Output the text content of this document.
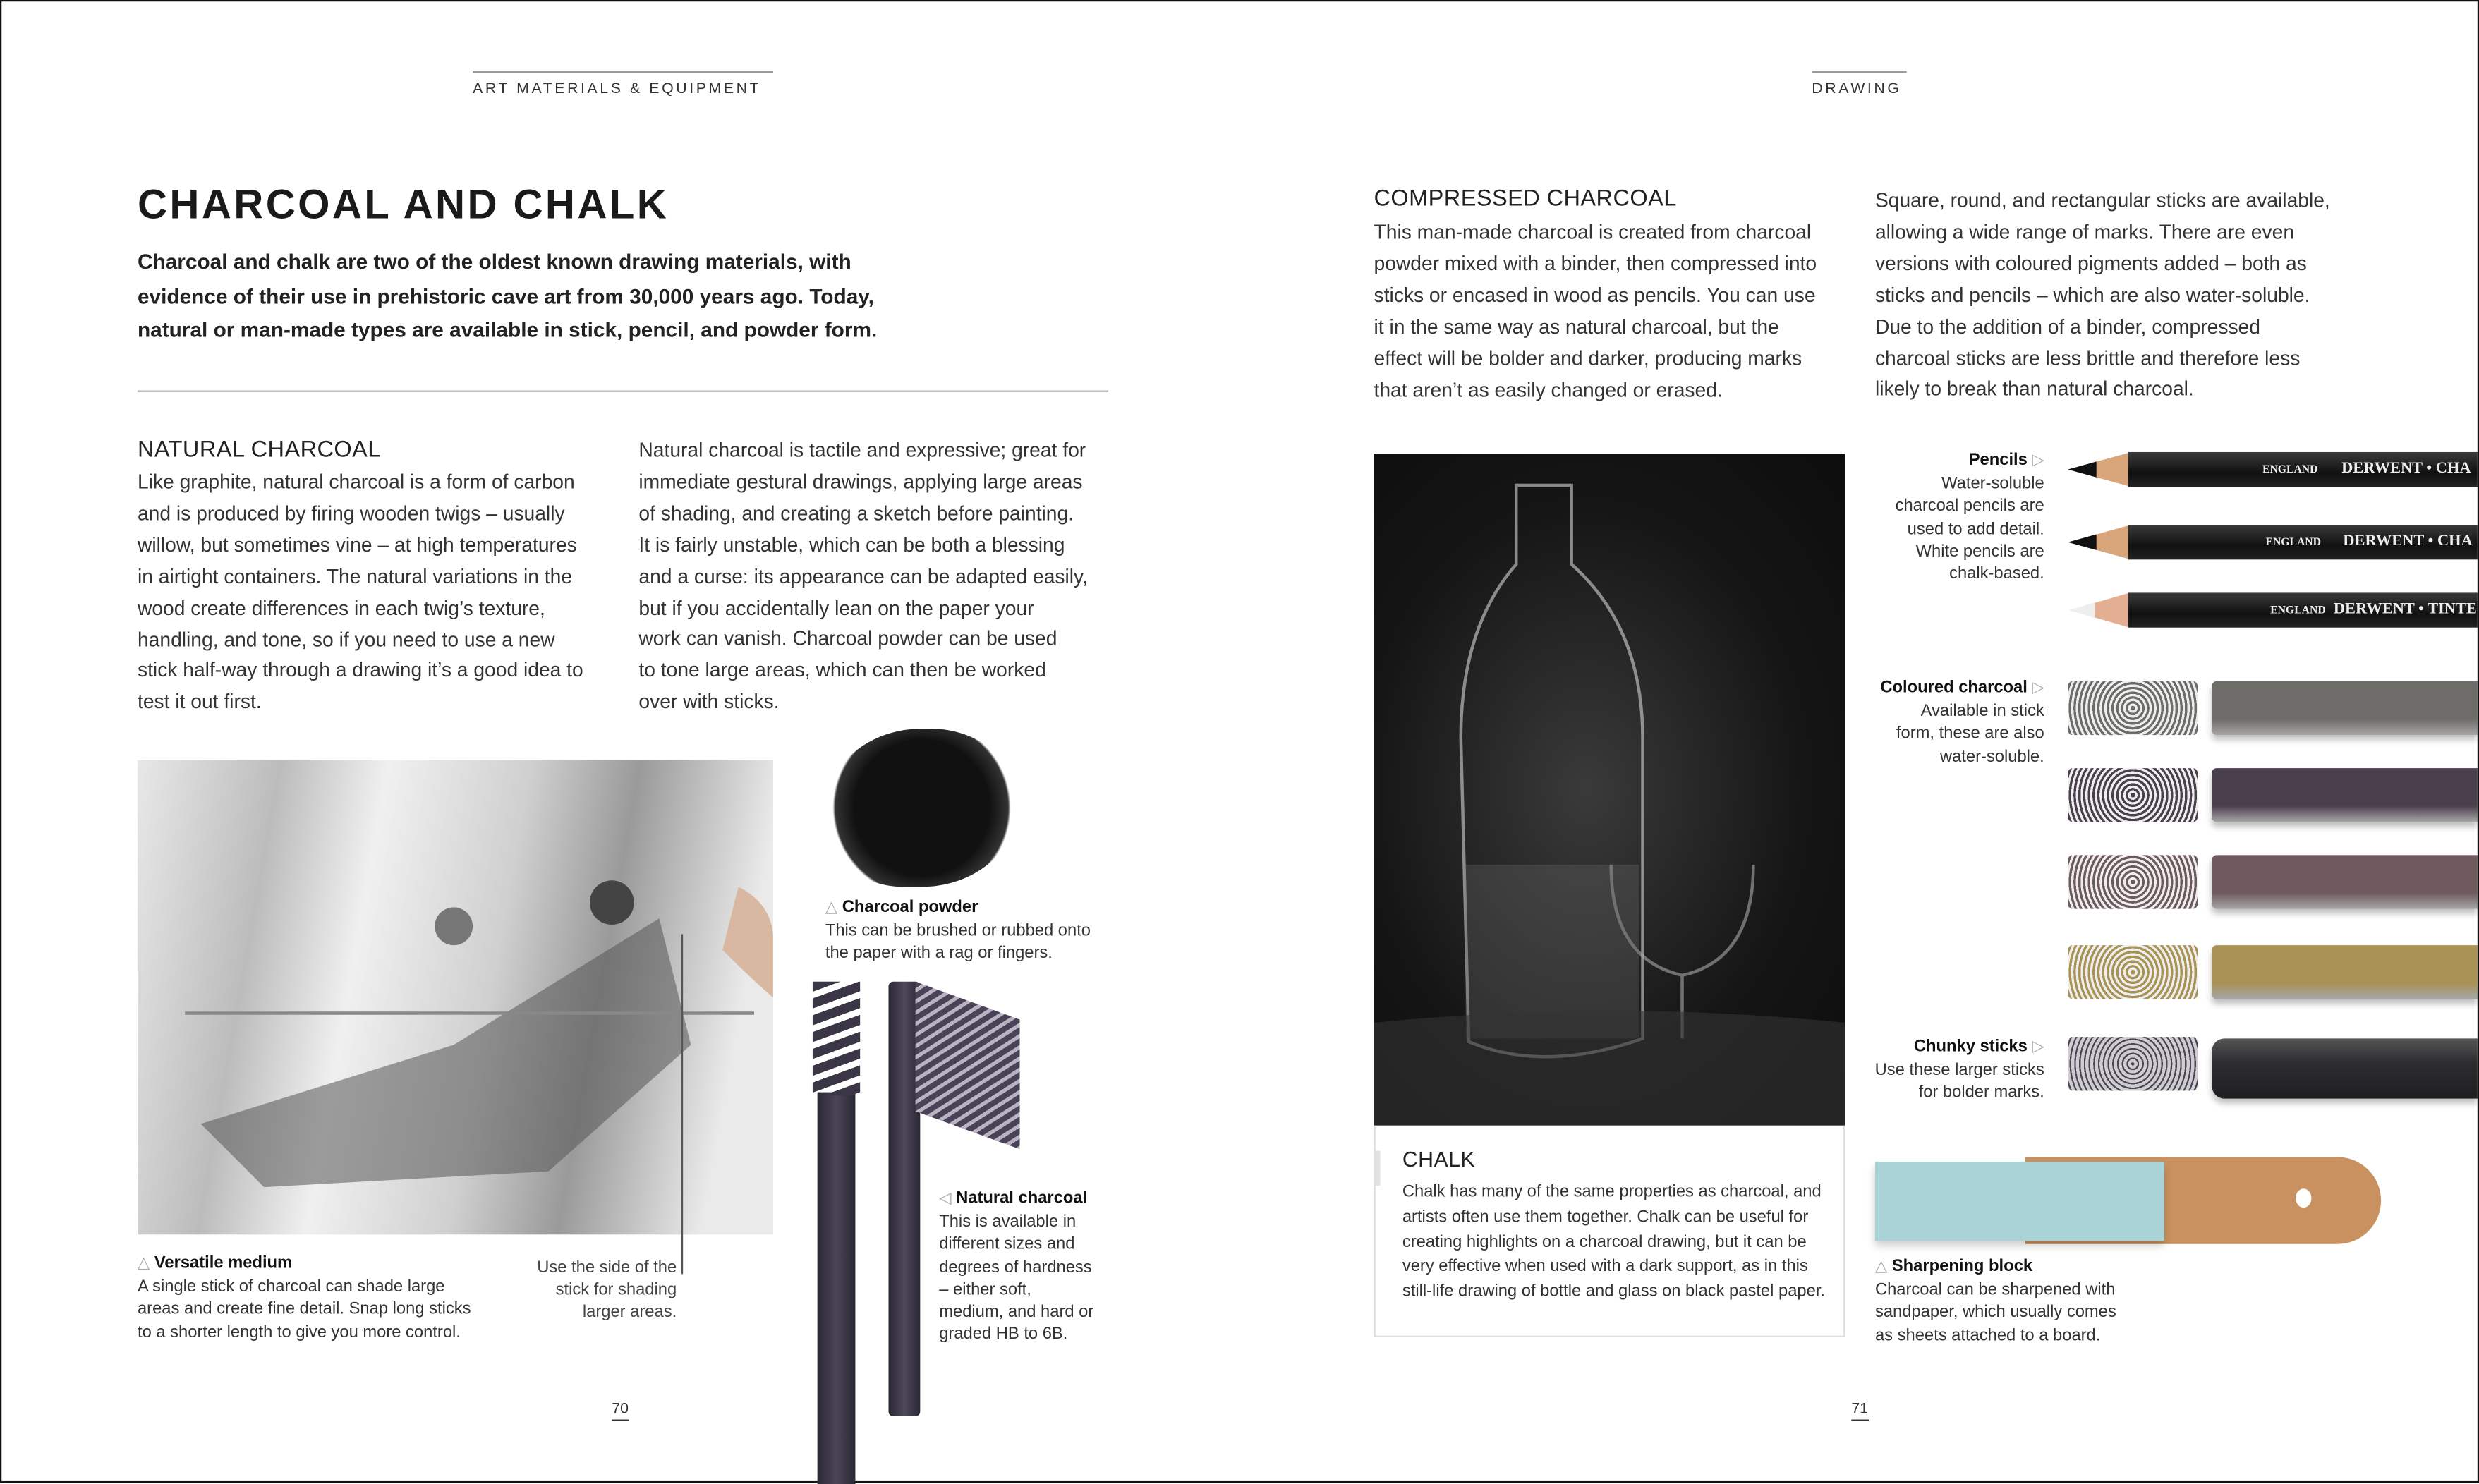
ART MATERIALS & EQUIPMENT
CHARCOAL AND CHALK
Charcoal and chalk are two of the oldest known drawing materials, with
evidence of their use in prehistoric cave art from 30,000 years ago. Today,
natural or man-made types are available in stick, pencil, and powder form.
NATURAL CHARCOAL
Like graphite, natural charcoal is a form of carbon
and is produced by firing wooden twigs – usually
willow, but sometimes vine – at high temperatures
in airtight containers. The natural variations in the
wood create differences in each twig’s texture,
handling, and tone, so if you need to use a new
stick half-way through a drawing it’s a good idea to
test it out first.
Natural charcoal is tactile and expressive; great for
immediate gestural drawings, applying large areas
of shading, and creating a sketch before painting.
It is fairly unstable, which can be both a blessing
and a curse: its appearance can be adapted easily,
but if you accidentally lean on the paper your
work can vanish. Charcoal powder can be used
to tone large areas, which can then be worked
over with sticks.
△ Charcoal powder
This can be brushed or rubbed onto
the paper with a rag or fingers.
◁ Natural charcoal
This is available in
different sizes and
degrees of hardness
– either soft,
medium, and hard or
graded HB to 6B.
△ Versatile medium
A single stick of charcoal can shade large
areas and create fine detail. Snap long sticks
to a shorter length to give you more control.
Use the side of the
stick for shading
larger areas.
70
DRAWING
COMPRESSED CHARCOAL
This man-made charcoal is created from charcoal
powder mixed with a binder, then compressed into
sticks or encased in wood as pencils. You can use
it in the same way as natural charcoal, but the
effect will be bolder and darker, producing marks
that aren’t as easily changed or erased.
Square, round, and rectangular sticks are available,
allowing a wide range of marks. There are even
versions with coloured pigments added – both as
sticks and pencils – which are also water-soluble.
Due to the addition of a binder, compressed
charcoal sticks are less brittle and therefore less
likely to break than natural charcoal.
CHALK
Chalk has many of the same properties as charcoal, and
artists often use them together. Chalk can be useful for
creating highlights on a charcoal drawing, but it can be
very effective when used with a dark support, as in this
still-life drawing of bottle and glass on black pastel paper.
Pencils ▷
Water-soluble
charcoal pencils are
used to add detail.
White pencils are
chalk-based.
ENGLAND	DERWENT • CHA
ENGLAND	DERWENT • CHA
ENGLAND DERWENT • TINTE
Coloured charcoal ▷
Available in stick
form, these are also
water-soluble.
Chunky sticks ▷
Use these larger sticks
for bolder marks.
△ Sharpening block
Charcoal can be sharpened with
sandpaper, which usually comes
as sheets attached to a board.
71
